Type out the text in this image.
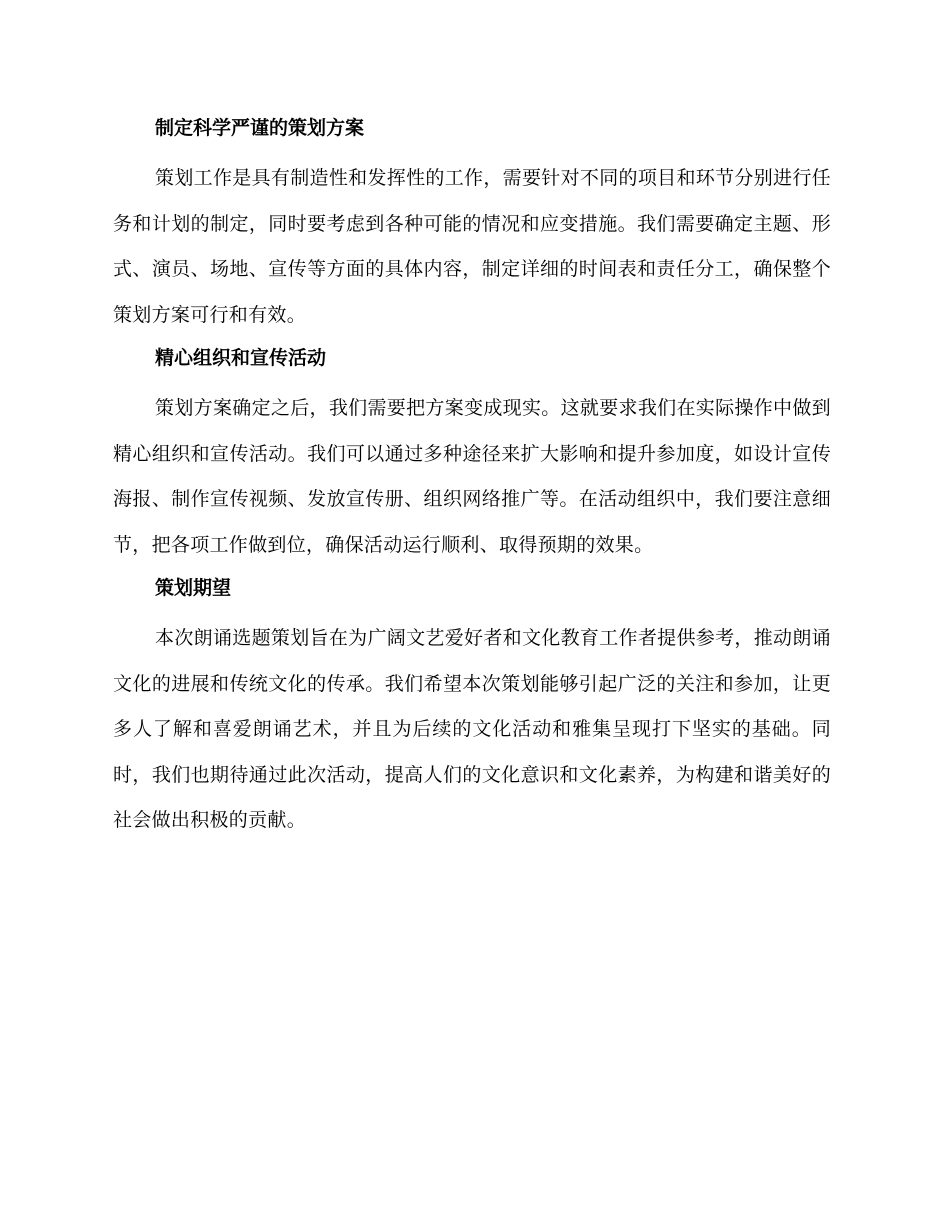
制定科学严谨的策划方案

策划工作是具有制造性和发挥性的工作，需要针对不同的项目和环节分别进行任务和计划的制定，同时要考虑到各种可能的情况和应变措施。我们需要确定主题、形式、演员、场地、宣传等方面的具体内容，制定详细的时间表和责任分工，确保整个策划方案可行和有效。

精心组织和宣传活动

策划方案确定之后，我们需要把方案变成现实。这就要求我们在实际操作中做到精心组织和宣传活动。我们可以通过多种途径来扩大影响和提升参加度，如设计宣传海报、制作宣传视频、发放宣传册、组织网络推广等。在活动组织中，我们要注意细节，把各项工作做到位，确保活动运行顺利、取得预期的效果。

策划期望

本次朗诵选题策划旨在为广阔文艺爱好者和文化教育工作者提供参考，推动朗诵文化的进展和传统文化的传承。我们希望本次策划能够引起广泛的关注和参加，让更多人了解和喜爱朗诵艺术，并且为后续的文化活动和雅集呈现打下坚实的基础。同时，我们也期待通过此次活动，提高人们的文化意识和文化素养，为构建和谐美好的社会做出积极的贡献。
